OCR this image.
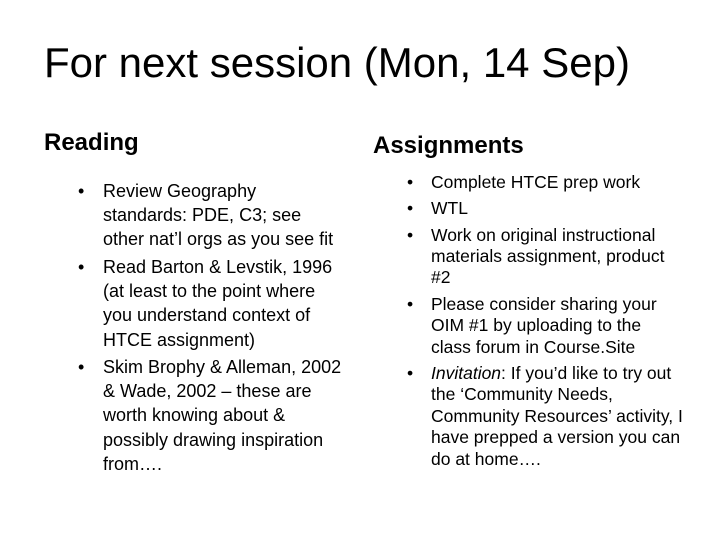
For next session (Mon, 14 Sep)
Reading
• Review Geography standards: PDE, C3; see other nat’l orgs as you see fit
• Read Barton & Levstik, 1996 (at least to the point where you understand context of HTCE assignment)
• Skim Brophy & Alleman, 2002 & Wade, 2002 – these are worth knowing about & possibly drawing inspiration from….
Assignments
• Complete HTCE prep work
• WTL
• Work on original instructional materials assignment, product #2
• Please consider sharing your OIM #1 by uploading to the class forum in Course.Site
• Invitation: If you’d like to try out the ‘Community Needs, Community Resources’ activity, I have prepped a version you can do at home….
